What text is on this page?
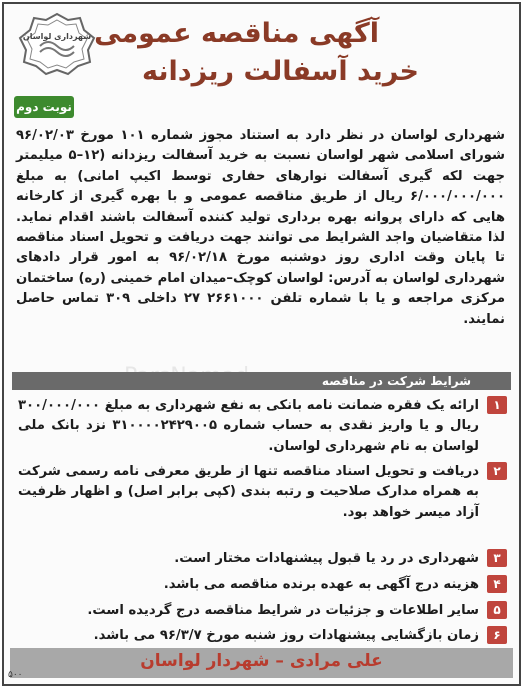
شهرداری لواسان آگهی مناقصه عمومی
خرید آسفالت ریزدانه
نوبت دوم
شهرداری لواسان در نظر دارد به استناد مجوز شماره ۱۰۱ مورخ ۹۶/۰۲/۰۳ شورای اسلامی شهر لواسان نسبت به خرید آسفالت ریزدانه (۱۲–۵ میلیمتر جهت لکه گیری آسفالت نوارهای حفاری توسط اکیپ امانی) به مبلغ ۶/۰۰۰/۰۰۰/۰۰۰ ریال از طریق مناقصه عمومی و با بهره گیری از کارخانه هایی که دارای پروانه بهره برداری تولید کننده آسفالت باشند اقدام نماید. لذا متقاضیان واجد الشرایط می توانند جهت دریافت و تحویل اسناد مناقصه تا پایان وقت اداری روز دوشنبه مورخ ۹۶/۰۲/۱۸ به امور قرار دادهای شهرداری لواسان به آدرس: لواسان کوچک–میدان امام خمینی (ره) ساختمان مرکزی مراجعه و یا با شماره تلفن ۲۶۶۱۰۰۰ ۲۷ داخلی ۳۰۹ تماس حاصل نمایند.
شرایط شرکت در مناقصه
۱
ارائه یک فقره ضمانت نامه بانکی به نفع شهرداری به مبلغ ۳۰۰/۰۰۰/۰۰۰ ریال و یا واریز نقدی به حساب شماره ۳۱۰۰۰۰۲۴۲۹۰۰۵ نزد بانک ملی لواسان به نام شهرداری لواسان.
۲
دریافت و تحویل اسناد مناقصه تنها از طریق معرفی نامه رسمی شرکت به همراه مدارک صلاحیت و رتبه بندی (کپی برابر اصل) و اظهار ظرفیت آزاد میسر خواهد بود.
۳
شهرداری در رد یا قبول پیشنهادات مختار است.
۴
هزینه درج آگهی به عهده برنده مناقصه می باشد.
۵
سایر اطلاعات و جزئیات در شرایط مناقصه درج گردیده است.
۶
زمان بازگشایی پیشنهادات روز شنبه مورخ ۹۶/۳/۷ می باشد.
علی مرادی – شهردار لواسان
۵۰۰
